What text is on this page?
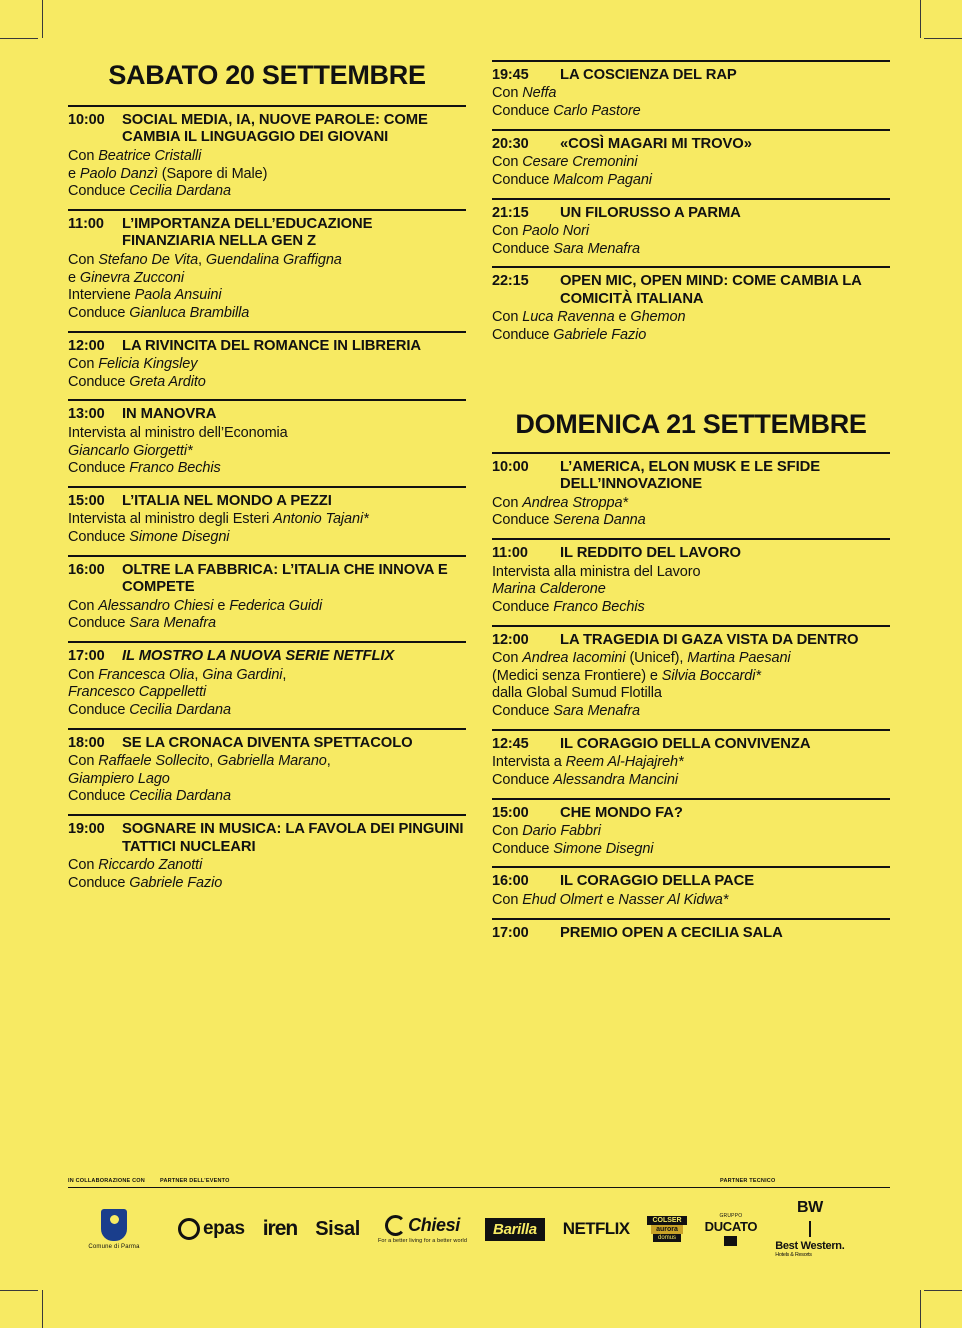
SABATO 20 SETTEMBRE
10:00	SOCIAL MEDIA, IA, NUOVE PAROLE: COME CAMBIA IL LINGUAGGIO DEI GIOVANI
Con Beatrice Cristalli
e Paolo Danzì (Sapore di Male)
Conduce Cecilia Dardana
11:00	L’IMPORTANZA DELL’EDUCAZIONE FINANZIARIA NELLA GEN Z
Con Stefano De Vita, Guendalina Graffigna
e Ginevra Zucconi
Interviene Paola Ansuini
Conduce Gianluca Brambilla
12:00	LA RIVINCITA DEL ROMANCE IN LIBRERIA
Con Felicia Kingsley
Conduce Greta Ardito
13:00	IN MANOVRA
Intervista al ministro dell’Economia
Giancarlo Giorgetti*
Conduce Franco Bechis
15:00	L’ITALIA NEL MONDO A PEZZI
Intervista al ministro degli Esteri Antonio Tajani*
Conduce Simone Disegni
16:00	OLTRE LA FABBRICA: L’ITALIA CHE INNOVA E COMPETE
Con Alessandro Chiesi e Federica Guidi
Conduce Sara Menafra
17:00	IL MOSTRO LA NUOVA SERIE NETFLIX
Con Francesca Olia, Gina Gardini,
Francesco Cappelletti
Conduce Cecilia Dardana
18:00	SE LA CRONACA DIVENTA SPETTACOLO
Con Raffaele Sollecito, Gabriella Marano,
Giampiero Lago
Conduce Cecilia Dardana
19:00	SOGNARE IN MUSICA: LA FAVOLA DEI PINGUINI TATTICI NUCLEARI
Con Riccardo Zanotti
Conduce Gabriele Fazio
19:45	LA COSCIENZA DEL RAP
Con Neffa
Conduce Carlo Pastore
20:30	«COSÌ MAGARI MI TROVO»
Con Cesare Cremonini
Conduce Malcom Pagani
21:15	UN FILORUSSO A PARMA
Con Paolo Nori
Conduce Sara Menafra
22:15	OPEN MIC, OPEN MIND: COME CAMBIA LA COMICITÀ ITALIANA
Con Luca Ravenna e Ghemon
Conduce Gabriele Fazio
DOMENICA 21 SETTEMBRE
10:00	L’AMERICA, ELON MUSK E LE SFIDE DELL’INNOVAZIONE
Con Andrea Stroppa*
Conduce Serena Danna
11:00	IL REDDITO DEL LAVORO
Intervista alla ministra del Lavoro
Marina Calderone
Conduce Franco Bechis
12:00	LA TRAGEDIA DI GAZA VISTA DA DENTRO
Con Andrea Iacomini (Unicef), Martina Paesani
(Medici senza Frontiere) e Silvia Boccardi*
dalla Global Sumud Flotilla
Conduce Sara Menafra
12:45	IL CORAGGIO DELLA CONVIVENZA
Intervista a Reem Al-Hajajreh*
Conduce Alessandra Mancini
15:00	CHE MONDO FA?
Con Dario Fabbri
Conduce Simone Disegni
16:00	IL CORAGGIO DELLA PACE
Con Ehud Olmert e Nasser Al Kidwa*
17:00	PREMIO OPEN A CECILIA SALA
IN COLLABORAZIONE CON	PARTNER DELL’EVENTO	PARTNER TECNICO
Comune di Parma
epas iren Sisal	Chiesi
For a better living for a better world
Barilla	NETFLIX	COLSER
aurora
domus
GRUPPO
DUCATO
BW
Best Western.
Hotels & Resorts
